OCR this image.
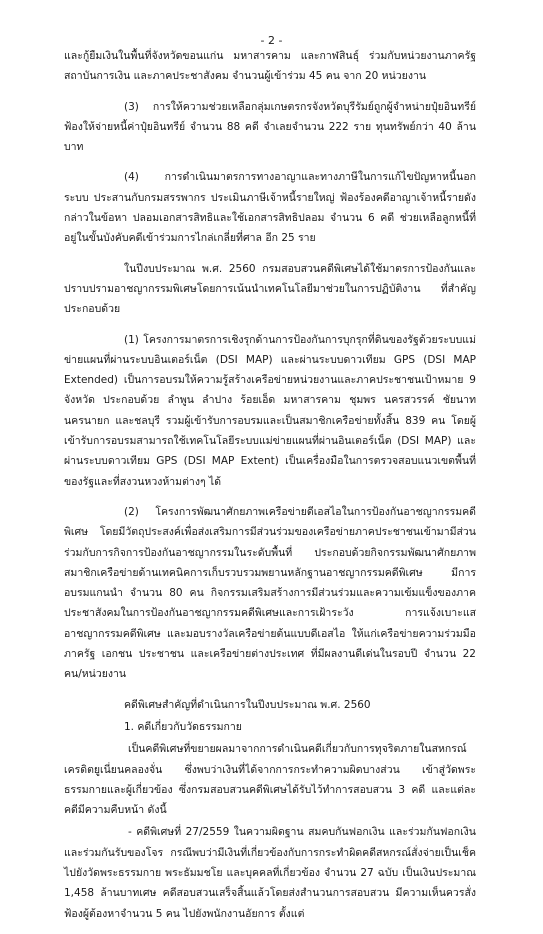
- 2 -

และกู้ยืมเงินในพื้นที่จังหวัดขอนแก่น มหาสารคาม และกาฬสินธุ์ ร่วมกับหน่วยงานภาครัฐ สถาบันการเงิน และภาคประชาสังคม จำนวนผู้เข้าร่วม 45 คน จาก 20 หน่วยงาน

(3) การให้ความช่วยเหลือกลุ่มเกษตรกรจังหวัดบุรีรัมย์ถูกผู้จำหน่ายปุ๋ยอินทรีย์ฟ้องให้จ่ายหนี้ค่าปุ๋ยอินทรีย์ จำนวน 88 คดี จำเลยจำนวน 222 ราย ทุนทรัพย์กว่า 40 ล้านบาท

(4) การดำเนินมาตรการทางอาญาและทางภาษีในการแก้ไขปัญหาหนี้นอกระบบ ประสานกับกรมสรรพากร ประเมินภาษีเจ้าหนี้รายใหญ่ ฟ้องร้องคดีอาญาเจ้าหนี้รายดังกล่าวในข้อหา ปลอมเอกสารสิทธิและใช้เอกสารสิทธิปลอม จำนวน 6 คดี ช่วยเหลือลูกหนี้ที่อยู่ในขั้นบังคับคดีเข้าร่วมการไกล่เกลี่ยที่ศาล อีก 25 ราย

ในปีงบประมาณ พ.ศ. 2560 กรมสอบสวนคดีพิเศษได้ใช้มาตรการป้องกันและปราบปรามอาชญากรรมพิเศษโดยการเน้นนำเทคโนโลยีมาช่วยในการปฏิบัติงาน ที่สำคัญประกอบด้วย

(1) โครงการมาตรการเชิงรุกด้านการป้องกันการบุกรุกที่ดินของรัฐด้วยระบบแม่ข่ายแผนที่ผ่านระบบอินเตอร์เน็ต (DSI MAP) และผ่านระบบดาวเทียม GPS (DSI MAP Extended) เป็นการอบรมให้ความรู้สร้างเครือข่ายหน่วยงานและภาคประชาชนเป้าหมาย 9 จังหวัด ประกอบด้วย ลำพูน ลำปาง ร้อยเอ็ด มหาสารคาม ชุมพร นครสวรรค์ ชัยนาท นครนายก และชลบุรี รวมผู้เข้ารับการอบรมและเป็นสมาชิกเครือข่ายทั้งสิ้น 839 คน โดยผู้เข้ารับการอบรมสามารถใช้เทคโนโลยีระบบแม่ข่ายแผนที่ผ่านอินเตอร์เน็ต (DSI MAP) และผ่านระบบดาวเทียม GPS (DSI MAP Extent) เป็นเครื่องมือในการตรวจสอบแนวเขตพื้นที่ของรัฐและที่สงวนหวงห้ามต่างๆ ได้

(2) โครงการพัฒนาศักยภาพเครือข่ายดีเอสไอในการป้องกันอาชญากรรมคดีพิเศษ โดยมีวัตถุประสงค์เพื่อส่งเสริมการมีส่วนร่วมของเครือข่ายภาคประชาชนเข้ามามีส่วนร่วมกับการกิจการป้องกันอาชญากรรมในระดับพื้นที่ ประกอบด้วยกิจกรรมพัฒนาศักยภาพสมาชิกเครือข่ายด้านเทคนิคการเก็บรวบรวมพยานหลักฐานอาชญากรรมคดีพิเศษ มีการอบรมแกนนำ จำนวน 80 คน กิจกรรมเสริมสร้างการมีส่วนร่วมและความเข้มแข็งของภาคประชาสังคมในการป้องกันอาชญากรรมคดีพิเศษและการเฝ้าระวัง การแจ้งเบาะแสอาชญากรรมคดีพิเศษ และมอบรางวัลเครือข่ายต้นแบบดีเอสไอ ให้แก่เครือข่ายความร่วมมือภาครัฐ เอกชน ประชาชน และเครือข่ายต่างประเทศ ที่มีผลงานดีเด่นในรอบปี จำนวน 22 คน/หน่วยงาน

คดีพิเศษสำคัญที่ดำเนินการในปีงบประมาณ พ.ศ. 2560

1. คดีเกี่ยวกับวัดธรรมกาย

เป็นคดีพิเศษที่ขยายผลมาจากการดำเนินคดีเกี่ยวกับการทุจริตภายในสหกรณ์เครดิตยูเนี่ยนคลองจั่น ซึ่งพบว่าเงินที่ได้จากการกระทำความผิดบางส่วน เข้าสู่วัดพระธรรมกายและผู้เกี่ยวข้อง ซึ่งกรมสอบสวนคดีพิเศษได้รับไว้ทำการสอบสวน 3 คดี และแต่ละคดีมีความคืบหน้า ดังนี้

- คดีพิเศษที่ 27/2559 ในความผิดฐาน สมคบกันฟอกเงิน และร่วมกันฟอกเงิน และร่วมกันรับของโจร กรณีพบว่ามีเงินที่เกี่ยวข้องกับการกระทำผิดคดีสหกรณ์สั่งจ่ายเป็นเช็คไปยังวัดพระธรรมกาย พระธัมมชโย และบุคคลที่เกี่ยวข้อง จำนวน 27 ฉบับ เป็นเงินประมาณ 1,458 ล้านบาทเศษ คดีสอบสวนเสร็จสิ้นแล้วโดยส่งสำนวนการสอบสวน มีความเห็นควรสั่งฟ้องผู้ต้องหาจำนวน 5 คน ไปยังพนักงานอัยการ ตั้งแต่
